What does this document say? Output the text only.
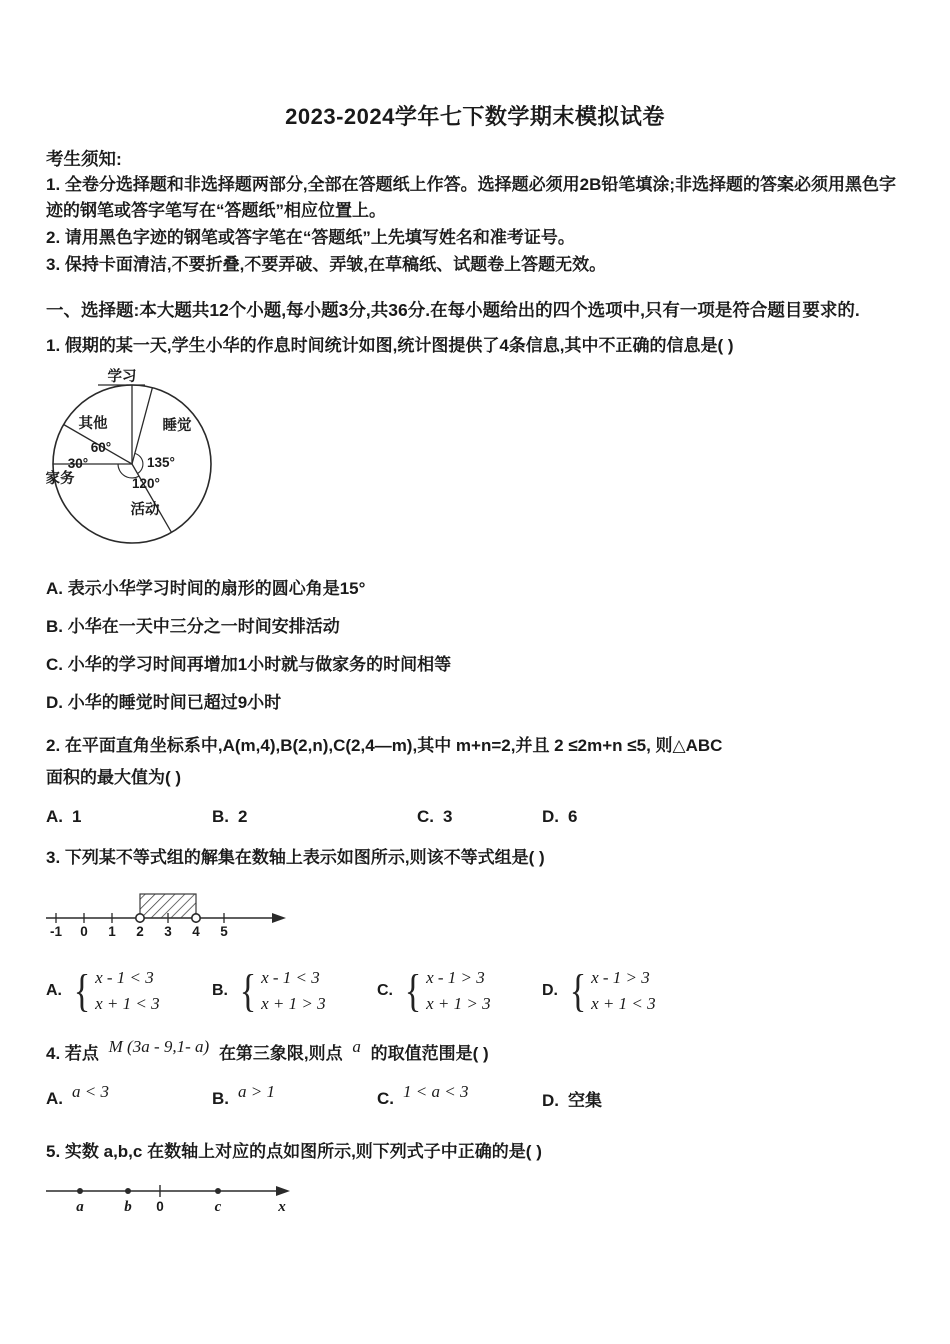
2023-2024学年七下数学期末模拟试卷
考生须知:
1. 全卷分选择题和非选择题两部分,全部在答题纸上作答。选择题必须用2B铅笔填涂;非选择题的答案必须用黑色字迹的钢笔或答字笔写在“答题纸”相应位置上。
2. 请用黑色字迹的钢笔或答字笔在“答题纸”上先填写姓名和准考证号。
3. 保持卡面清洁,不要折叠,不要弄破、弄皱,在草稿纸、试题卷上答题无效。
一、选择题:本大题共12个小题,每小题3分,共36分.在每小题给出的四个选项中,只有一项是符合题目要求的.
1. 假期的某一天,学生小华的作息时间统计如图,统计图提供了4条信息,其中不正确的信息是( )
学习
睡觉
135°
其他
60°
30°
家务	120°
活动
A. 表示小华学习时间的扇形的圆心角是15°
B. 小华在一天中三分之一时间安排活动
C. 小华的学习时间再增加1小时就与做家务的时间相等
D. 小华的睡觉时间已超过9小时
2. 在平面直角坐标系中,A(m,4),B(2,n),C(2,4—m),其中 m+n=2,并且 2 ≤2m+n ≤5, 则△ABC
面积的最大值为( )
A. 1	B. 2	C. 3	D. 6
3. 下列某不等式组的解集在数轴上表示如图所示,则该不等式组是( )
-1 0 1 2 3 4 5
A. { x - 1 < 3
x + 1 < 3
B. { x - 1 < 3
x + 1 > 3
C. { x - 1 > 3
x + 1 > 3
D. { x - 1 > 3
x + 1 < 3
4. 若点 M (3a - 9,1- a) 在第三象限,则点 a 的取值范围是( )
A. a < 3	B. a > 1	C. 1 < a < 3	D. 空集
5. 实数 a,b,c 在数轴上对应的点如图所示,则下列式子中正确的是( )
a	b 0	c	x
